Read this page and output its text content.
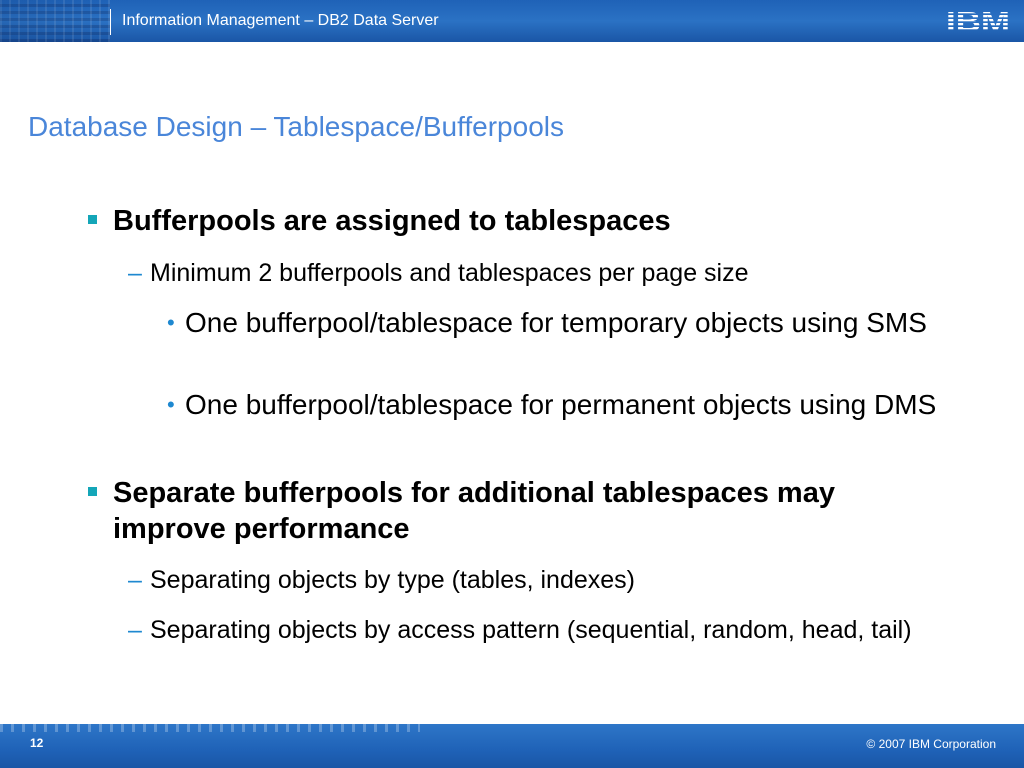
Information Management – DB2 Data Server
Database Design – Tablespace/Bufferpools
Bufferpools are assigned to tablespaces
– Minimum 2 bufferpools and tablespaces per page size
• One bufferpool/tablespace for temporary objects using SMS
• One bufferpool/tablespace for permanent objects using DMS
Separate bufferpools for additional tablespaces may improve performance
– Separating objects by type (tables, indexes)
– Separating objects by access pattern (sequential, random, head, tail)
12	© 2007 IBM Corporation
